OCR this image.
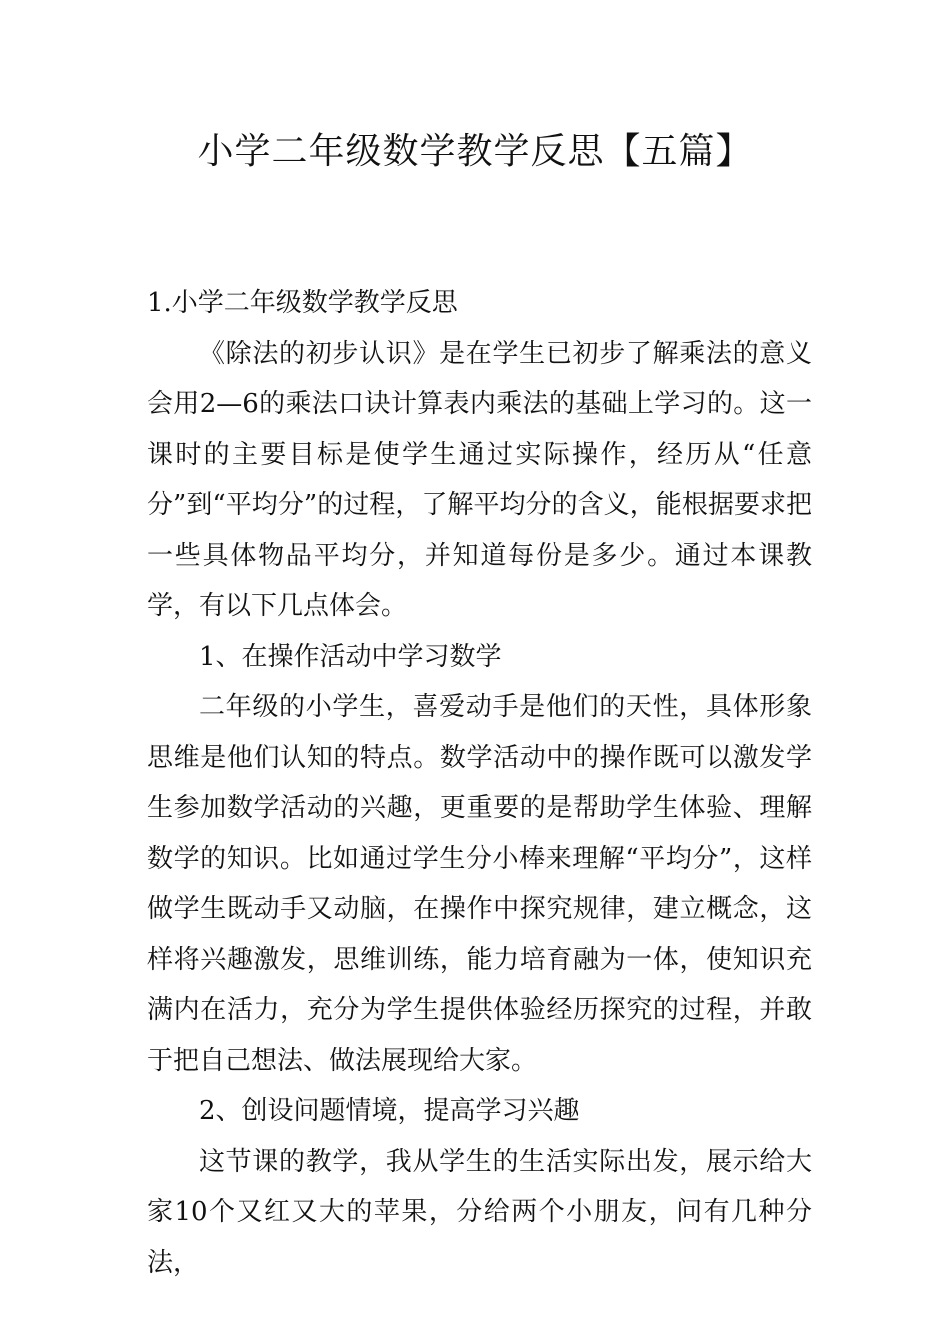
小学二年级数学教学反思【五篇】

1.小学二年级数学教学反思

《除法的初步认识》是在学生已初步了解乘法的意义会用2—6的乘法口诀计算表内乘法的基础上学习的。这一课时的主要目标是使学生通过实际操作，经历从“任意分”到“平均分”的过程，了解平均分的含义，能根据要求把一些具体物品平均分，并知道每份是多少。通过本课教学，有以下几点体会。

1、在操作活动中学习数学

二年级的小学生，喜爱动手是他们的天性，具体形象思维是他们认知的特点。数学活动中的操作既可以激发学生参加数学活动的兴趣，更重要的是帮助学生体验、理解数学的知识。比如通过学生分小棒来理解“平均分”，这样做学生既动手又动脑，在操作中探究规律，建立概念，这样将兴趣激发，思维训练，能力培育融为一体，使知识充满内在活力，充分为学生提供体验经历探究的过程，并敢于把自己想法、做法展现给大家。

2、创设问题情境，提高学习兴趣

这节课的教学，我从学生的生活实际出发，展示给大家10个又红又大的苹果，分给两个小朋友，问有几种分法，
